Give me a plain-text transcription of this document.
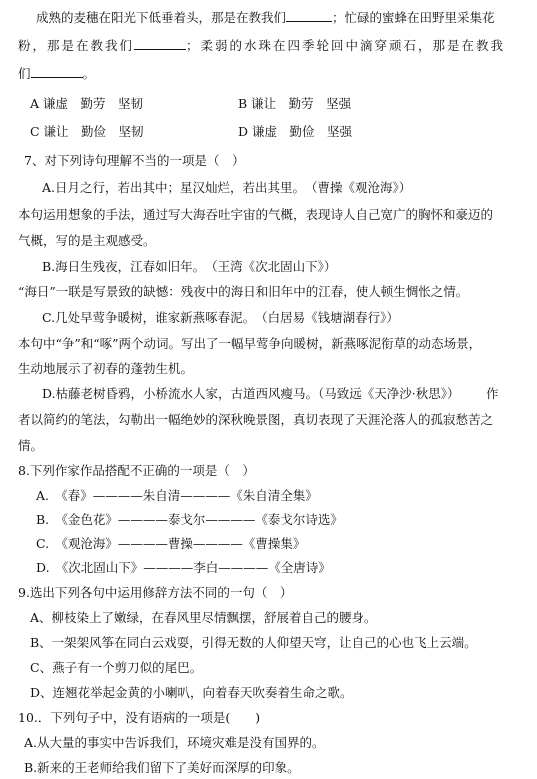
成熟的麦穗在阳光下低垂着头，那是在教我们	；忙碌的蜜蜂在田野里采集花
粉，那是在教我们	；柔弱的水珠在四季轮回中滴穿顽石，那是在教我
们	。
A 谦虚　勤劳　坚韧	B 谦让　勤劳　坚强
C 谦让　勤俭　坚韧	D 谦虚　勤俭　坚强
7、对下列诗句理解不当的一项是（　）
A.日月之行，若出其中；星汉灿烂，若出其里。　（曹操《观沧海》）
本句运用想象的手法，通过写大海吞吐宇宙的气概，表现诗人自己宽广的胸怀和豪迈的
气概，写的是主观感受。
B.海日生残夜，江春如旧年。　（王湾《次北固山下》）
“海日”一联是写景致的缺憾：残夜中的海日和旧年中的江春，使人顿生惆怅之情。
C.几处早莺争暖树，谁家新燕啄春泥。　（白居易《钱塘湖春行》）
本句中“争”和“啄”两个动词。写出了一幅早莺争向暖树，新燕啄泥衔草的动态场景，
生动地展示了初春的蓬勃生机。
D.枯藤老树昏鸦，小桥流水人家，古道西风瘦马。（马致远《天净沙·秋思》） 作
者以简约的笔法，勾勒出一幅绝妙的深秋晚景图，真切表现了天涯沦落人的孤寂愁苦之
情。
8.下列作家作品搭配不正确的一项是（　）
A.　《春》————朱自清————《朱自清全集》
B.　《金色花》————泰戈尔————《泰戈尔诗选》
C.　《观沧海》————曹操————《曹操集》
D.　《次北固山下》————李白————《全唐诗》
9.选出下列各句中运用修辞方法不同的一句（　）
A、柳枝染上了嫩绿，在春风里尽情飘摆，舒展着自己的腰身。
B、一架架风筝在同白云戏耍，引得无数的人仰望天穹，让自己的心也飞上云端。
C、燕子有一个剪刀似的尾巴。
D、连翘花举起金黄的小喇叭，向着春天吹奏着生命之歌。
10.．下列句子中，没有语病的一项是(　　)
A.从大量的事实中告诉我们，环境灾难是没有国界的。
B.新来的王老师给我们留下了美好而深厚的印象。
